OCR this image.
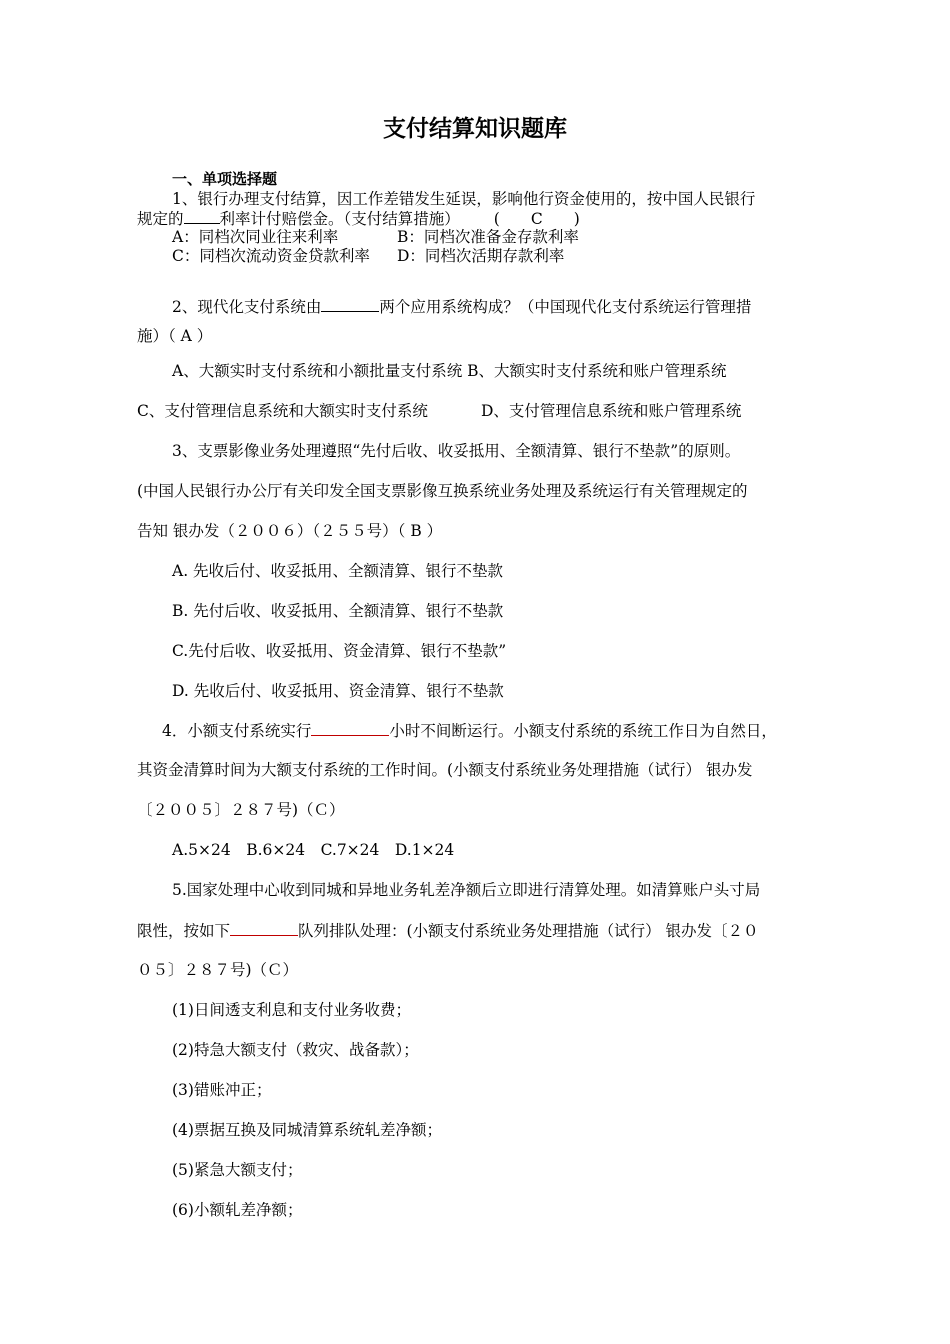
支付结算知识题库
一、单项选择题
1、银行办理支付结算，因工作差错发生延误，影响他行资金使用的，按中国人民银行
规定的 利率计付赔偿金。（支付结算措施） (　　C　　)
A：同档次同业往来利率	B：同档次准备金存款利率
C：同档次流动资金贷款利率 D：同档次活期存款利率
2、现代化支付系统由	两个应用系统构成？（中国现代化支付系统运行管理措
施）（ A ）
A、大额实时支付系统和小额批量支付系统 B、大额实时支付系统和账户管理系统
C、支付管理信息系统和大额实时支付系统	D、支付管理信息系统和账户管理系统
3、支票影像业务处理遵照“先付后收、收妥抵用、全额清算、银行不垫款”的原则。
(中国人民银行办公厅有关印发全国支票影像互换系统业务处理及系统运行有关管理规定的
告知 银办发（２００６）（２５５号）（ B ）
A. 先收后付、收妥抵用、全额清算、银行不垫款
B. 先付后收、收妥抵用、全额清算、银行不垫款
C.先付后收、收妥抵用、资金清算、银行不垫款”
D. 先收后付、收妥抵用、资金清算、银行不垫款
4．小额支付系统实行	小时不间断运行。小额支付系统的系统工作日为自然日，
其资金清算时间为大额支付系统的工作时间。(小额支付系统业务处理措施（试行） 银办发
〔２００５〕２８７号)（Ｃ）
A.5×24　B.6×24　C.7×24　D.1×24
5.国家处理中心收到同城和异地业务轧差净额后立即进行清算处理。如清算账户头寸局
限性，按如下	队列排队处理：(小额支付系统业务处理措施（试行） 银办发〔２０
０５〕２８７号)（Ｃ）
(1)日间透支利息和支付业务收费；
(2)特急大额支付（救灾、战备款）；
(3)错账冲正；
(4)票据互换及同城清算系统轧差净额；
(5)紧急大额支付；
(6)小额轧差净额；
